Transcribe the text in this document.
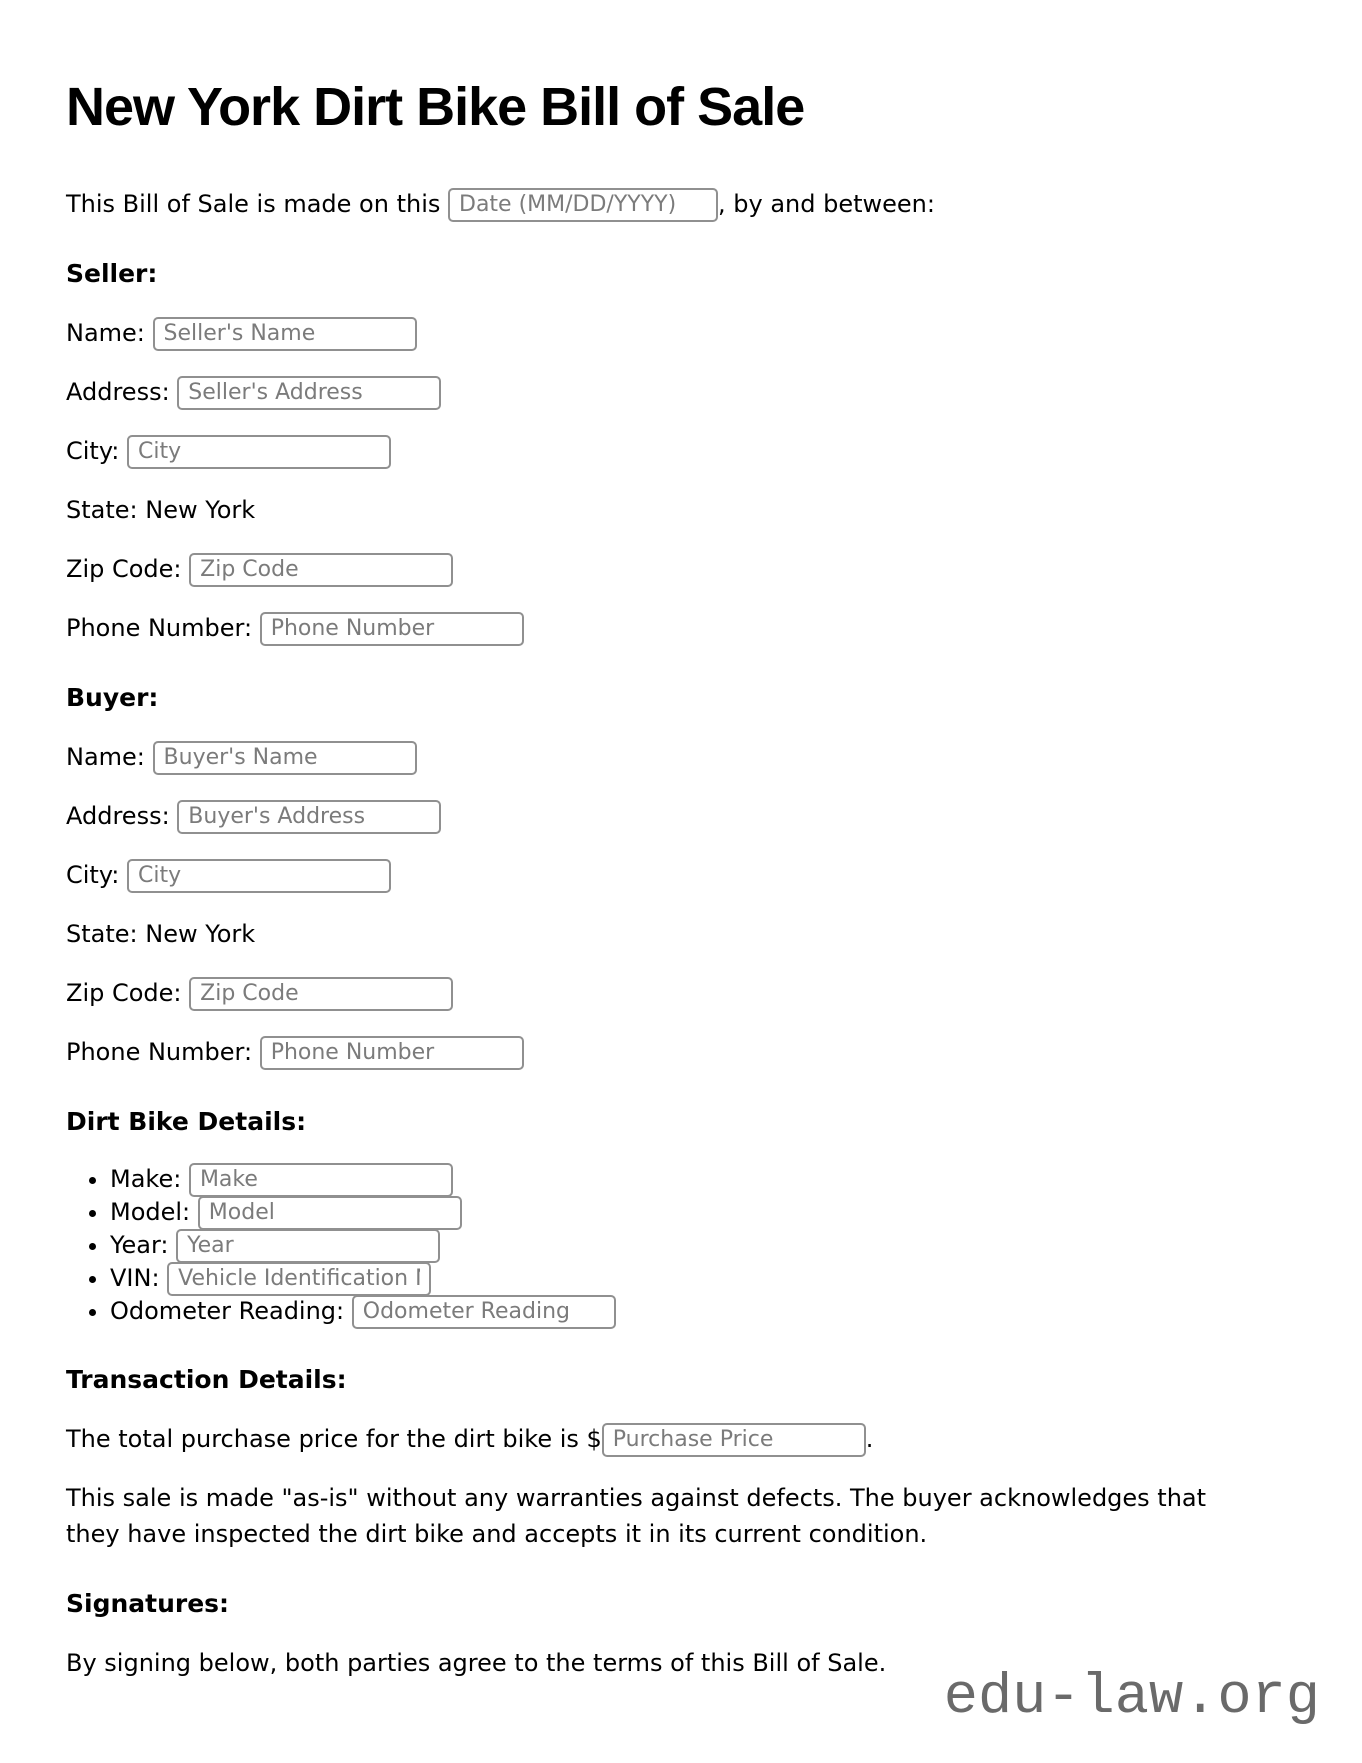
New York Dirt Bike Bill of Sale

This Bill of Sale is made on this Date (MM/DD/YYYY)	, by and between:

Seller:

Name: Seller's Name

Address: Seller's Address

City: City

State: New York

Zip Code: Zip Code

Phone Number: Phone Number

Buyer:

Name: Buyer's Name

Address: Buyer's Address

City: City

State: New York

Zip Code: Zip Code

Phone Number: Phone Number

Dirt Bike Details:
• Make: Make
• Model: Model
• Year: Year
• VIN: Vehicle Identification Num
• Odometer Reading: Odometer Reading
Transaction Details:

The total purchase price for the dirt bike is $Purchase Price	.

This sale is made "as-is" without any warranties against defects. The buyer acknowledges that they have inspected the dirt bike and accepts it in its current condition.

Signatures:

By signing below, both parties agree to the terms of this Bill of Sale.

edu-law.org
